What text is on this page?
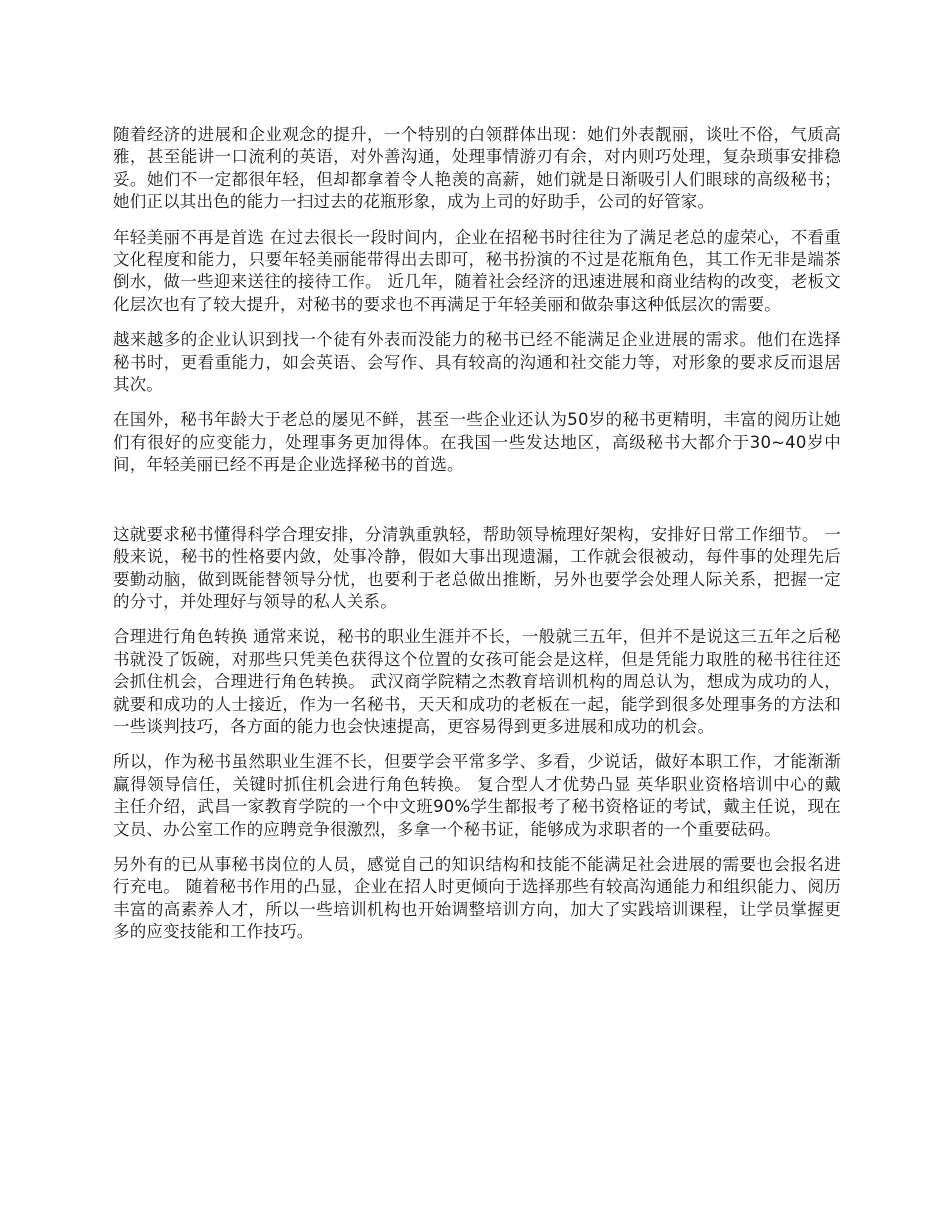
随着经济的进展和企业观念的提升，一个特别的白领群体出现：她们外表靓丽，谈吐不俗，气质高雅，甚至能讲一口流利的英语，对外善沟通，处理事情游刃有余，对内则巧处理，复杂琐事安排稳妥。她们不一定都很年轻，但却都拿着令人艳羡的高薪，她们就是日渐吸引人们眼球的高级秘书；她们正以其出色的能力一扫过去的花瓶形象，成为上司的好助手，公司的好管家。

年轻美丽不再是首选 在过去很长一段时间内，企业在招秘书时往往为了满足老总的虚荣心，不看重文化程度和能力，只要年轻美丽能带得出去即可，秘书扮演的不过是花瓶角色，其工作无非是端茶倒水，做一些迎来送往的接待工作。 近几年，随着社会经济的迅速进展和商业结构的改变，老板文化层次也有了较大提升，对秘书的要求也不再满足于年轻美丽和做杂事这种低层次的需要。

越来越多的企业认识到找一个徒有外表而没能力的秘书已经不能满足企业进展的需求。他们在选择秘书时，更看重能力，如会英语、会写作、具有较高的沟通和社交能力等，对形象的要求反而退居其次。

在国外，秘书年龄大于老总的屡见不鲜，甚至一些企业还认为50岁的秘书更精明，丰富的阅历让她们有很好的应变能力，处理事务更加得体。在我国一些发达地区，高级秘书大都介于30~40岁中间，年轻美丽已经不再是企业选择秘书的首选。

这就要求秘书懂得科学合理安排，分清孰重孰轻，帮助领导梳理好架构，安排好日常工作细节。 一般来说，秘书的性格要内敛，处事冷静，假如大事出现遗漏，工作就会很被动，每件事的处理先后要勤动脑，做到既能替领导分忧，也要利于老总做出推断，另外也要学会处理人际关系，把握一定的分寸，并处理好与领导的私人关系。

合理进行角色转换 通常来说，秘书的职业生涯并不长，一般就三五年，但并不是说这三五年之后秘书就没了饭碗，对那些只凭美色获得这个位置的女孩可能会是这样，但是凭能力取胜的秘书往往还会抓住机会，合理进行角色转换。 武汉商学院精之杰教育培训机构的周总认为，想成为成功的人，就要和成功的人士接近，作为一名秘书，天天和成功的老板在一起，能学到很多处理事务的方法和一些谈判技巧，各方面的能力也会快速提高，更容易得到更多进展和成功的机会。

所以，作为秘书虽然职业生涯不长，但要学会平常多学、多看，少说话，做好本职工作，才能渐渐赢得领导信任，关键时抓住机会进行角色转换。 复合型人才优势凸显 英华职业资格培训中心的戴主任介绍，武昌一家教育学院的一个中文班90%学生都报考了秘书资格证的考试，戴主任说，现在文员、办公室工作的应聘竞争很激烈，多拿一个秘书证，能够成为求职者的一个重要砝码。

另外有的已从事秘书岗位的人员，感觉自己的知识结构和技能不能满足社会进展的需要也会报名进行充电。 随着秘书作用的凸显，企业在招人时更倾向于选择那些有较高沟通能力和组织能力、阅历丰富的高素养人才，所以一些培训机构也开始调整培训方向，加大了实践培训课程，让学员掌握更多的应变技能和工作技巧。
